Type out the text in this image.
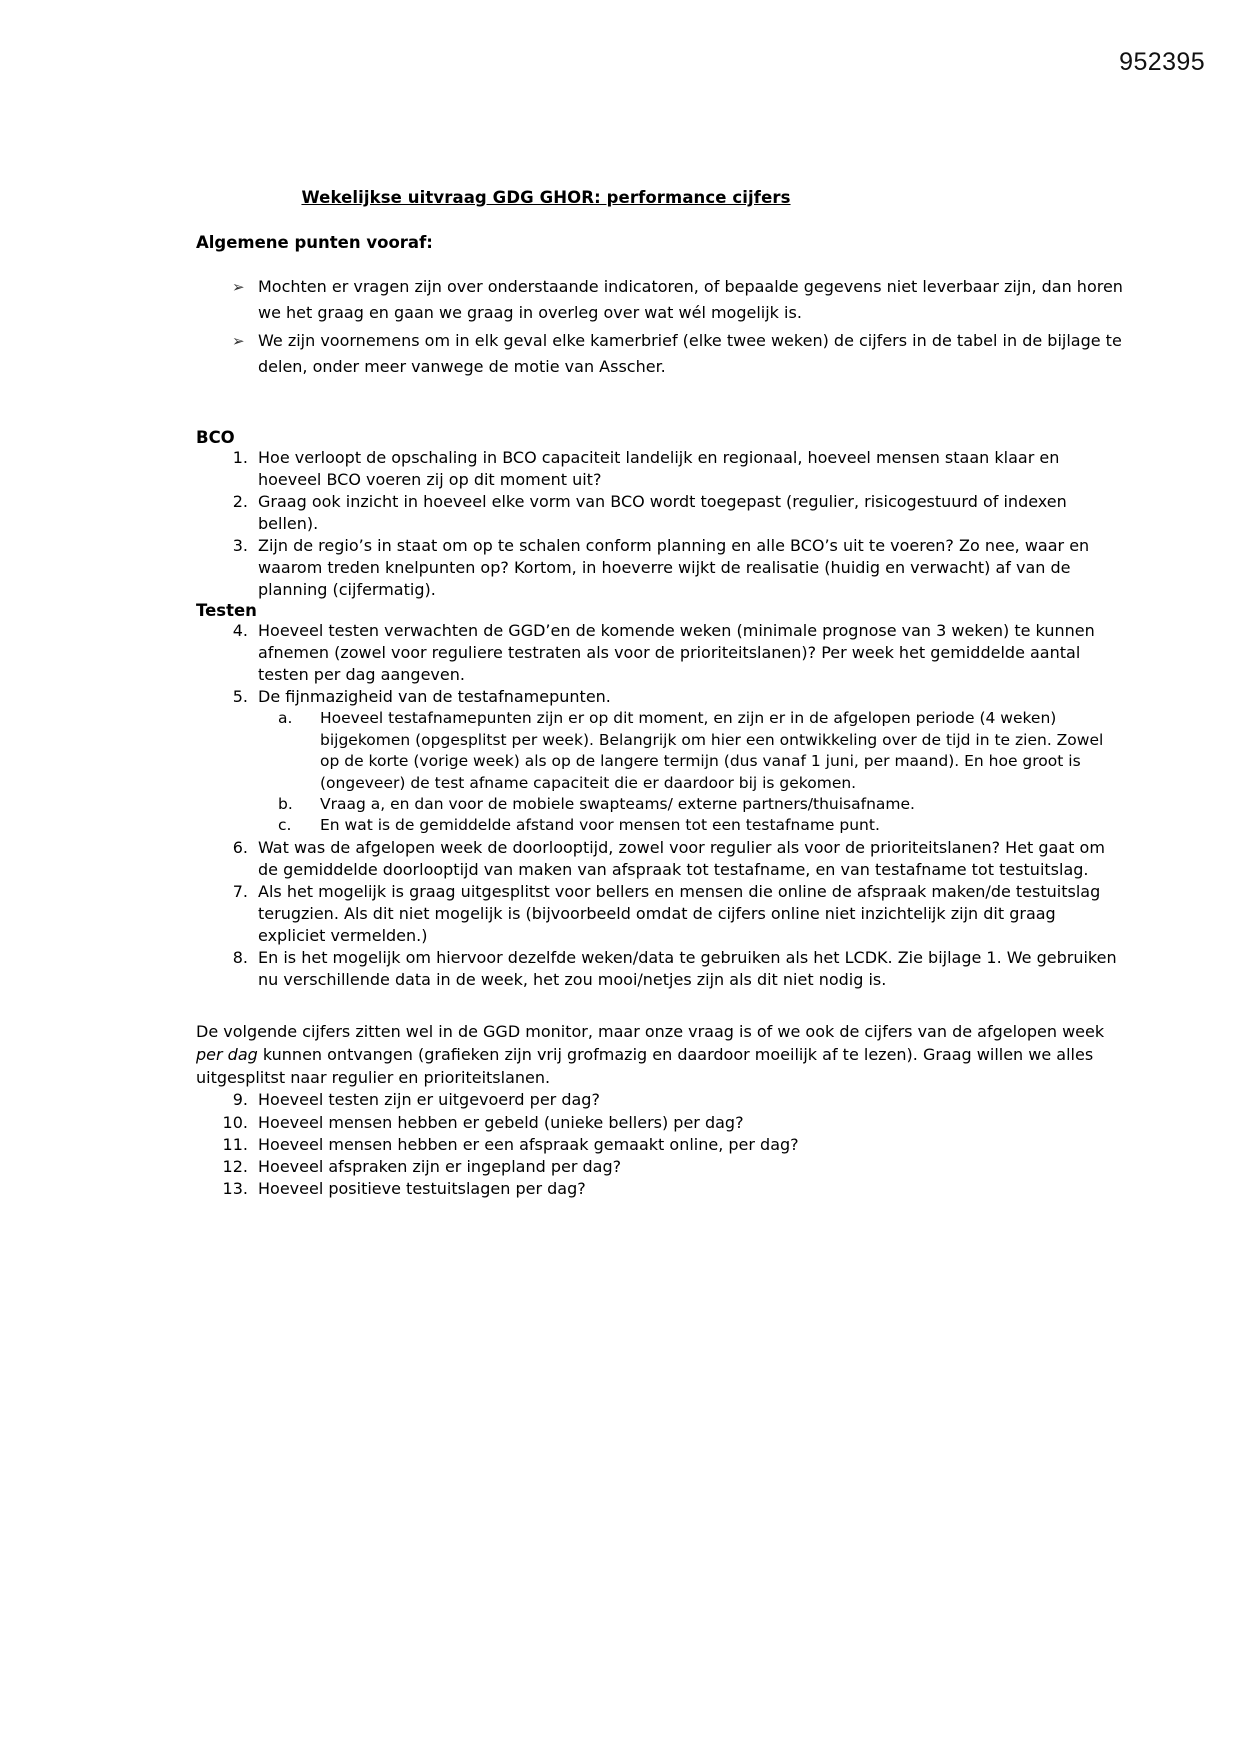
952395
Wekelijkse uitvraag GDG GHOR: performance cijfers
Algemene punten vooraf:
➢ Mochten er vragen zijn over onderstaande indicatoren, of bepaalde gegevens niet leverbaar zijn, dan horen we het graag en gaan we graag in overleg over wat wél mogelijk is.
➢ We zijn voornemens om in elk geval elke kamerbrief (elke twee weken) de cijfers in de tabel in de bijlage te delen, onder meer vanwege de motie van Asscher.
BCO
1. Hoe verloopt de opschaling in BCO capaciteit landelijk en regionaal, hoeveel mensen staan klaar en hoeveel BCO voeren zij op dit moment uit?
2. Graag ook inzicht in hoeveel elke vorm van BCO wordt toegepast (regulier, risicogestuurd of indexen bellen).
3. Zijn de regio’s in staat om op te schalen conform planning en alle BCO’s uit te voeren? Zo nee, waar en waarom treden knelpunten op? Kortom, in hoeverre wijkt de realisatie (huidig en verwacht) af van de planning (cijfermatig).
Testen
4. Hoeveel testen verwachten de GGD’en de komende weken (minimale prognose van 3 weken) te kunnen afnemen (zowel voor reguliere testraten als voor de prioriteitslanen)? Per week het gemiddelde aantal testen per dag aangeven.
5. De fijnmazigheid van de testafnamepunten.
a.	Hoeveel testafnamepunten zijn er op dit moment, en zijn er in de afgelopen periode (4 weken) bijgekomen (opgesplitst per week). Belangrijk om hier een ontwikkeling over de tijd in te zien. Zowel op de korte (vorige week) als op de langere termijn (dus vanaf 1 juni, per maand). En hoe groot is (ongeveer) de test afname capaciteit die er daardoor bij is gekomen.
b.	Vraag a, en dan voor de mobiele swapteams/ externe partners/thuisafname.
c.	En wat is de gemiddelde afstand voor mensen tot een testafname punt.
6. Wat was de afgelopen week de doorlooptijd, zowel voor regulier als voor de prioriteitslanen? Het gaat om de gemiddelde doorlooptijd van maken van afspraak tot testafname, en van testafname tot testuitslag.
7. Als het mogelijk is graag uitgesplitst voor bellers en mensen die online de afspraak maken/de testuitslag terugzien. Als dit niet mogelijk is (bijvoorbeeld omdat de cijfers online niet inzichtelijk zijn dit graag expliciet vermelden.)
8. En is het mogelijk om hiervoor dezelfde weken/data te gebruiken als het LCDK. Zie bijlage 1. We gebruiken nu verschillende data in de week, het zou mooi/netjes zijn als dit niet nodig is.

De volgende cijfers zitten wel in de GGD monitor, maar onze vraag is of we ook de cijfers van de afgelopen week per dag kunnen ontvangen (grafieken zijn vrij grofmazig en daardoor moeilijk af te lezen). Graag willen we alles uitgesplitst naar regulier en prioriteitslanen.

9. Hoeveel testen zijn er uitgevoerd per dag?
10. Hoeveel mensen hebben er gebeld (unieke bellers) per dag?
11. Hoeveel mensen hebben er een afspraak gemaakt online, per dag?
12. Hoeveel afspraken zijn er ingepland per dag?
13. Hoeveel positieve testuitslagen per dag?
